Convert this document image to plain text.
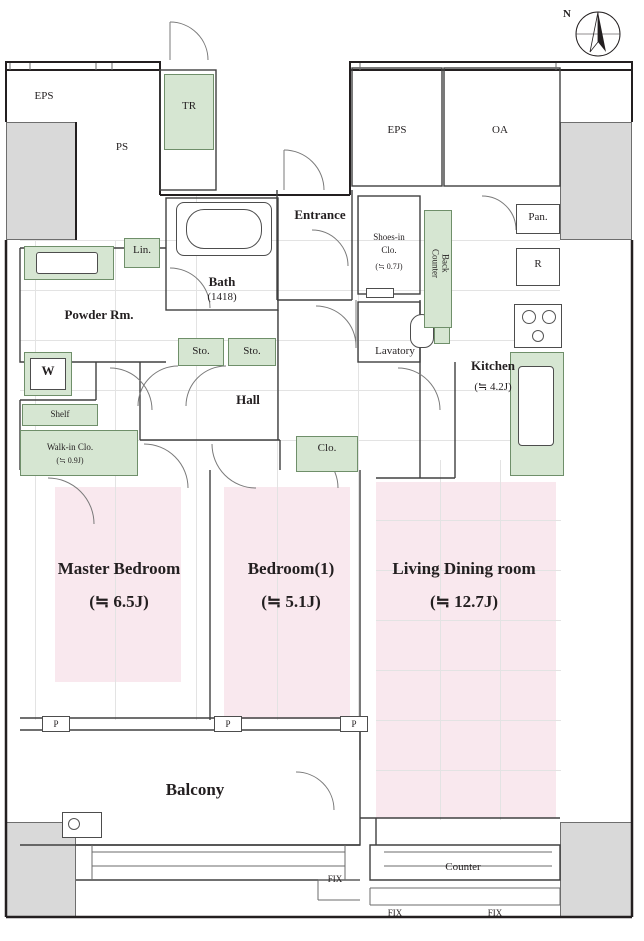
N
EPS
PS
TR
EPS	OA
Pan.
R
Back
Counter
Shoes-in
Clo.
(≒ 0.7J)
Entrance
Bath
(1418)
Powder Rm.
Lin.
W
Shelf
Walk-in Clo.
(≒ 0.9J)
Sto.	Sto.
Hall
Clo.
Lavatory
Kitchen
(≒ 4.2J)
Master Bedroom
(≒ 6.5J)
Bedroom(1)
(≒ 5.1J)
Living Dining room
(≒ 12.7J)
Balcony
P	P	P
Counter
FIX
FIX	FIX
